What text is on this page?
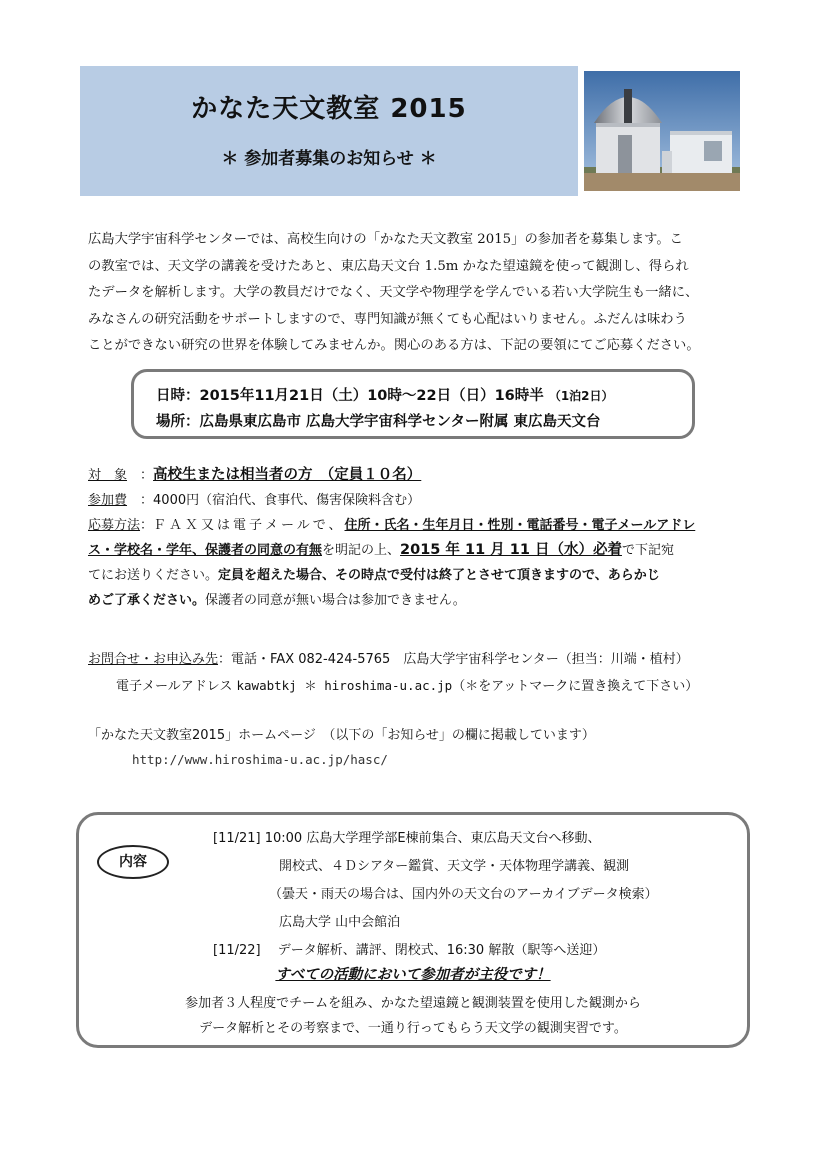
かなた天文教室 2015
＊ 参加者募集のお知らせ ＊

広島大学宇宙科学センターでは、高校生向けの「かなた天文教室 2015」の参加者を募集します。こ

の教室では、天文学の講義を受けたあと、東広島天文台 1.5m かなた望遠鏡を使って観測し、得られ

たデータを解析します。大学の教員だけでなく、天文学や物理学を学んでいる若い大学院生も一緒に、

みなさんの研究活動をサポートしますので、専門知識が無くても心配はいりません。ふだんは味わう

ことができない研究の世界を体験してみませんか。関心のある方は、下記の要領にてご応募ください。

日時：2015年11月21日（土）10時～22日（日）16時半 （1泊2日）
場所：広島県東広島市 広島大学宇宙科学センター附属 東広島天文台
対　象　：高校生または相当者の方　（定員１０名）
参加費　：4000円（宿泊代、食事代、傷害保険料含む）
応募方法：ＦＡＸ又は電子メールで、住所・氏名・生年月日・性別・電話番号・電子メールアドレ
ス・学校名・学年、保護者の同意の有無を明記の上、2015 年 11 月 11 日（水）必着で下記宛
てにお送りください。定員を超えた場合、その時点で受付は終了とさせて頂きますので、あらかじ
めご了承ください。保護者の同意が無い場合は参加できません。
お問合せ・お申込み先：電話・FAX 082-424-5765　広島大学宇宙科学センター（担当：川端・植村）
電子メールアドレス kawabtkj ＊ hiroshima-u.ac.jp（＊をアットマークに置き換えて下さい）
「かなた天文教室2015」ホームページ　（以下の「お知らせ」の欄に掲載しています）
http://www.hiroshima-u.ac.jp/hasc/
内容
[11/21] 10:00 広島大学理学部E棟前集合、東広島天文台へ移動、
開校式、４Ｄシアター鑑賞、天文学・天体物理学講義、観測
（曇天・雨天の場合は、国内外の天文台のアーカイブデータ検索）
広島大学 山中会館泊
[11/22]　 データ解析、講評、閉校式、16:30 解散（駅等へ送迎）
すべての活動において参加者が主役です！
参加者３人程度でチームを組み、かなた望遠鏡と観測装置を使用した観測から
データ解析とその考察まで、一通り行ってもらう天文学の観測実習です。
